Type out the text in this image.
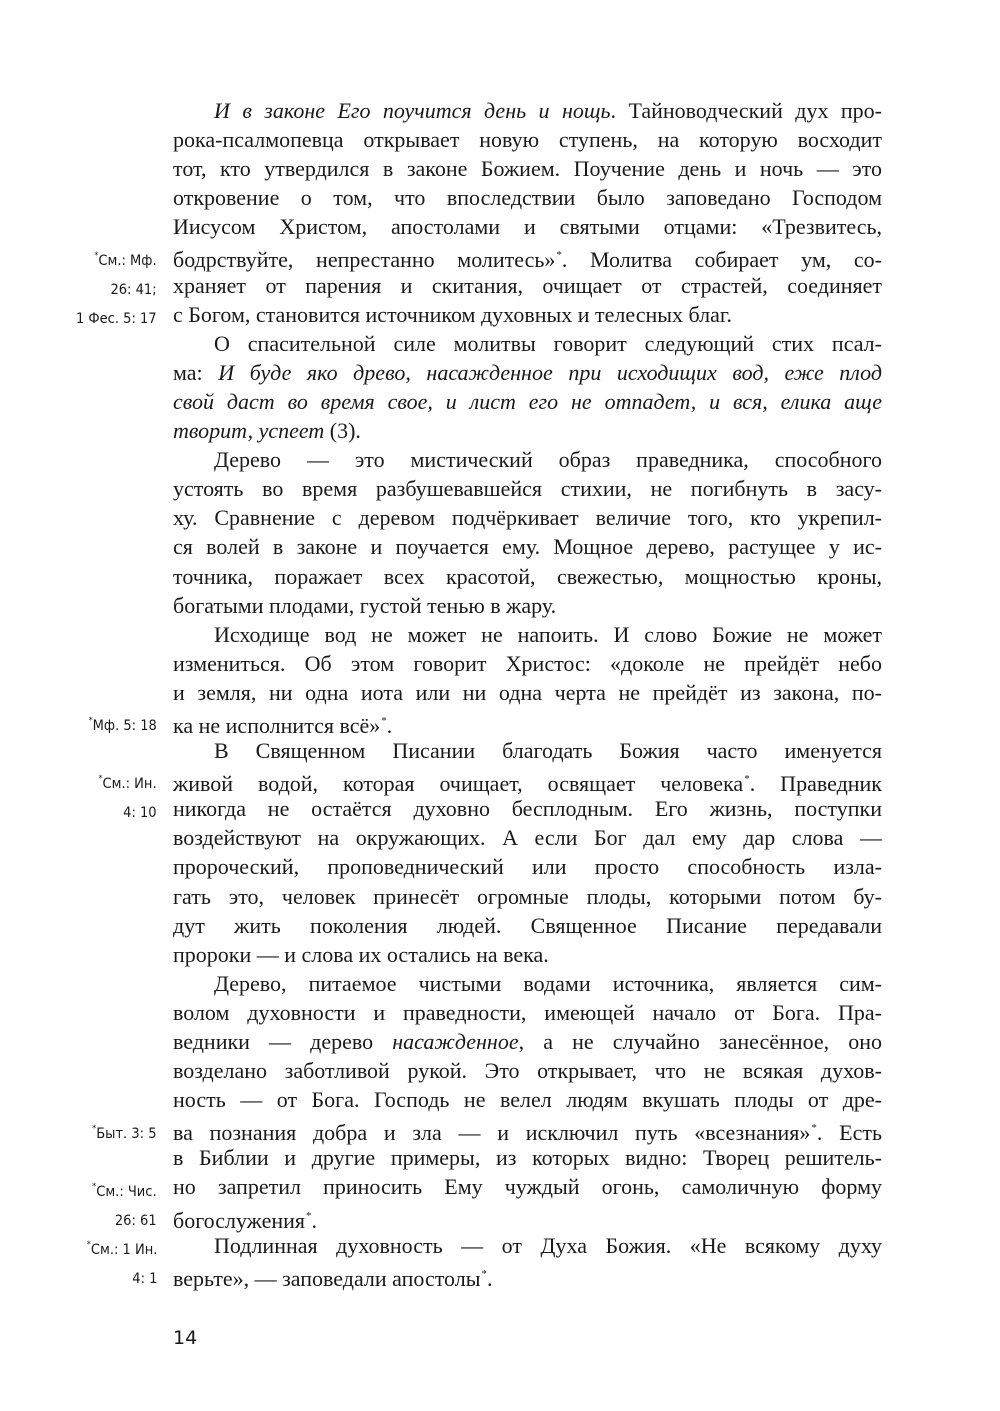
И в законе Его поучится день и нощь. Тайноводческий дух про-
рока-псалмопевца открывает новую ступень, на которую восходит
тот, кто утвердился в законе Божием. Поучение день и ночь — это
откровение о том, что впоследствии было заповедано Господом
Иисусом Христом, апостолами и святыми отцами: «Трезвитесь,
бодрствуйте, непрестанно молитесь»*. Молитва собирает ум, со-
храняет от парения и скитания, очищает от страстей, соединяет
с Богом, становится источником духовных и телесных благ.
О спасительной силе молитвы говорит следующий стих псал-
ма: И буде яко древо, насажденное при исходищих вод, еже плод
свой даст во время свое, и лист его не отпадет, и вся, елика аще
творит, успеет (3).
Дерево — это мистический образ праведника, способного
устоять во время разбушевавшейся стихии, не погибнуть в засу-
ху. Сравнение с деревом подчёркивает величие того, кто укрепил-
ся волей в законе и поучается ему. Мощное дерево, растущее у ис-
точника, поражает всех красотой, свежестью, мощностью кроны,
богатыми плодами, густой тенью в жару.
Исходище вод не может не напоить. И слово Божие не может
измениться. Об этом говорит Христос: «доколе не прейдёт небо
и земля, ни одна иота или ни одна черта не прейдёт из закона, по-
ка не исполнится всё»*.
В Священном Писании благодать Божия часто именуется
живой водой, которая очищает, освящает человека*. Праведник
никогда не остаётся духовно бесплодным. Его жизнь, поступки
воздействуют на окружающих. А если Бог дал ему дар слова —
пророческий, проповеднический или просто способность изла-
гать это, человек принесёт огромные плоды, которыми потом бу-
дут жить поколения людей. Священное Писание передавали
пророки — и слова их остались на века.
Дерево, питаемое чистыми водами источника, является сим-
волом духовности и праведности, имеющей начало от Бога. Пра-
ведники — дерево насажденное, а не случайно занесённое, оно
возделано заботливой рукой. Это открывает, что не всякая духов-
ность — от Бога. Господь не велел людям вкушать плоды от дре-
ва познания добра и зла — и исключил путь «всезнания»*. Есть
в Библии и другие примеры, из которых видно: Творец решитель-
но запретил приносить Ему чуждый огонь, самоличную форму
богослужения*.
Подлинная духовность — от Духа Божия. «Не всякому духу
верьте», — заповедали апостолы*.
*См.: Мф.
26: 41;
1 Фес. 5: 17
*Мф. 5: 18
*См.: Ин.
4: 10
*Быт. 3: 5
*См.: Чис.
26: 61
*См.: 1 Ин.
4: 1
14
